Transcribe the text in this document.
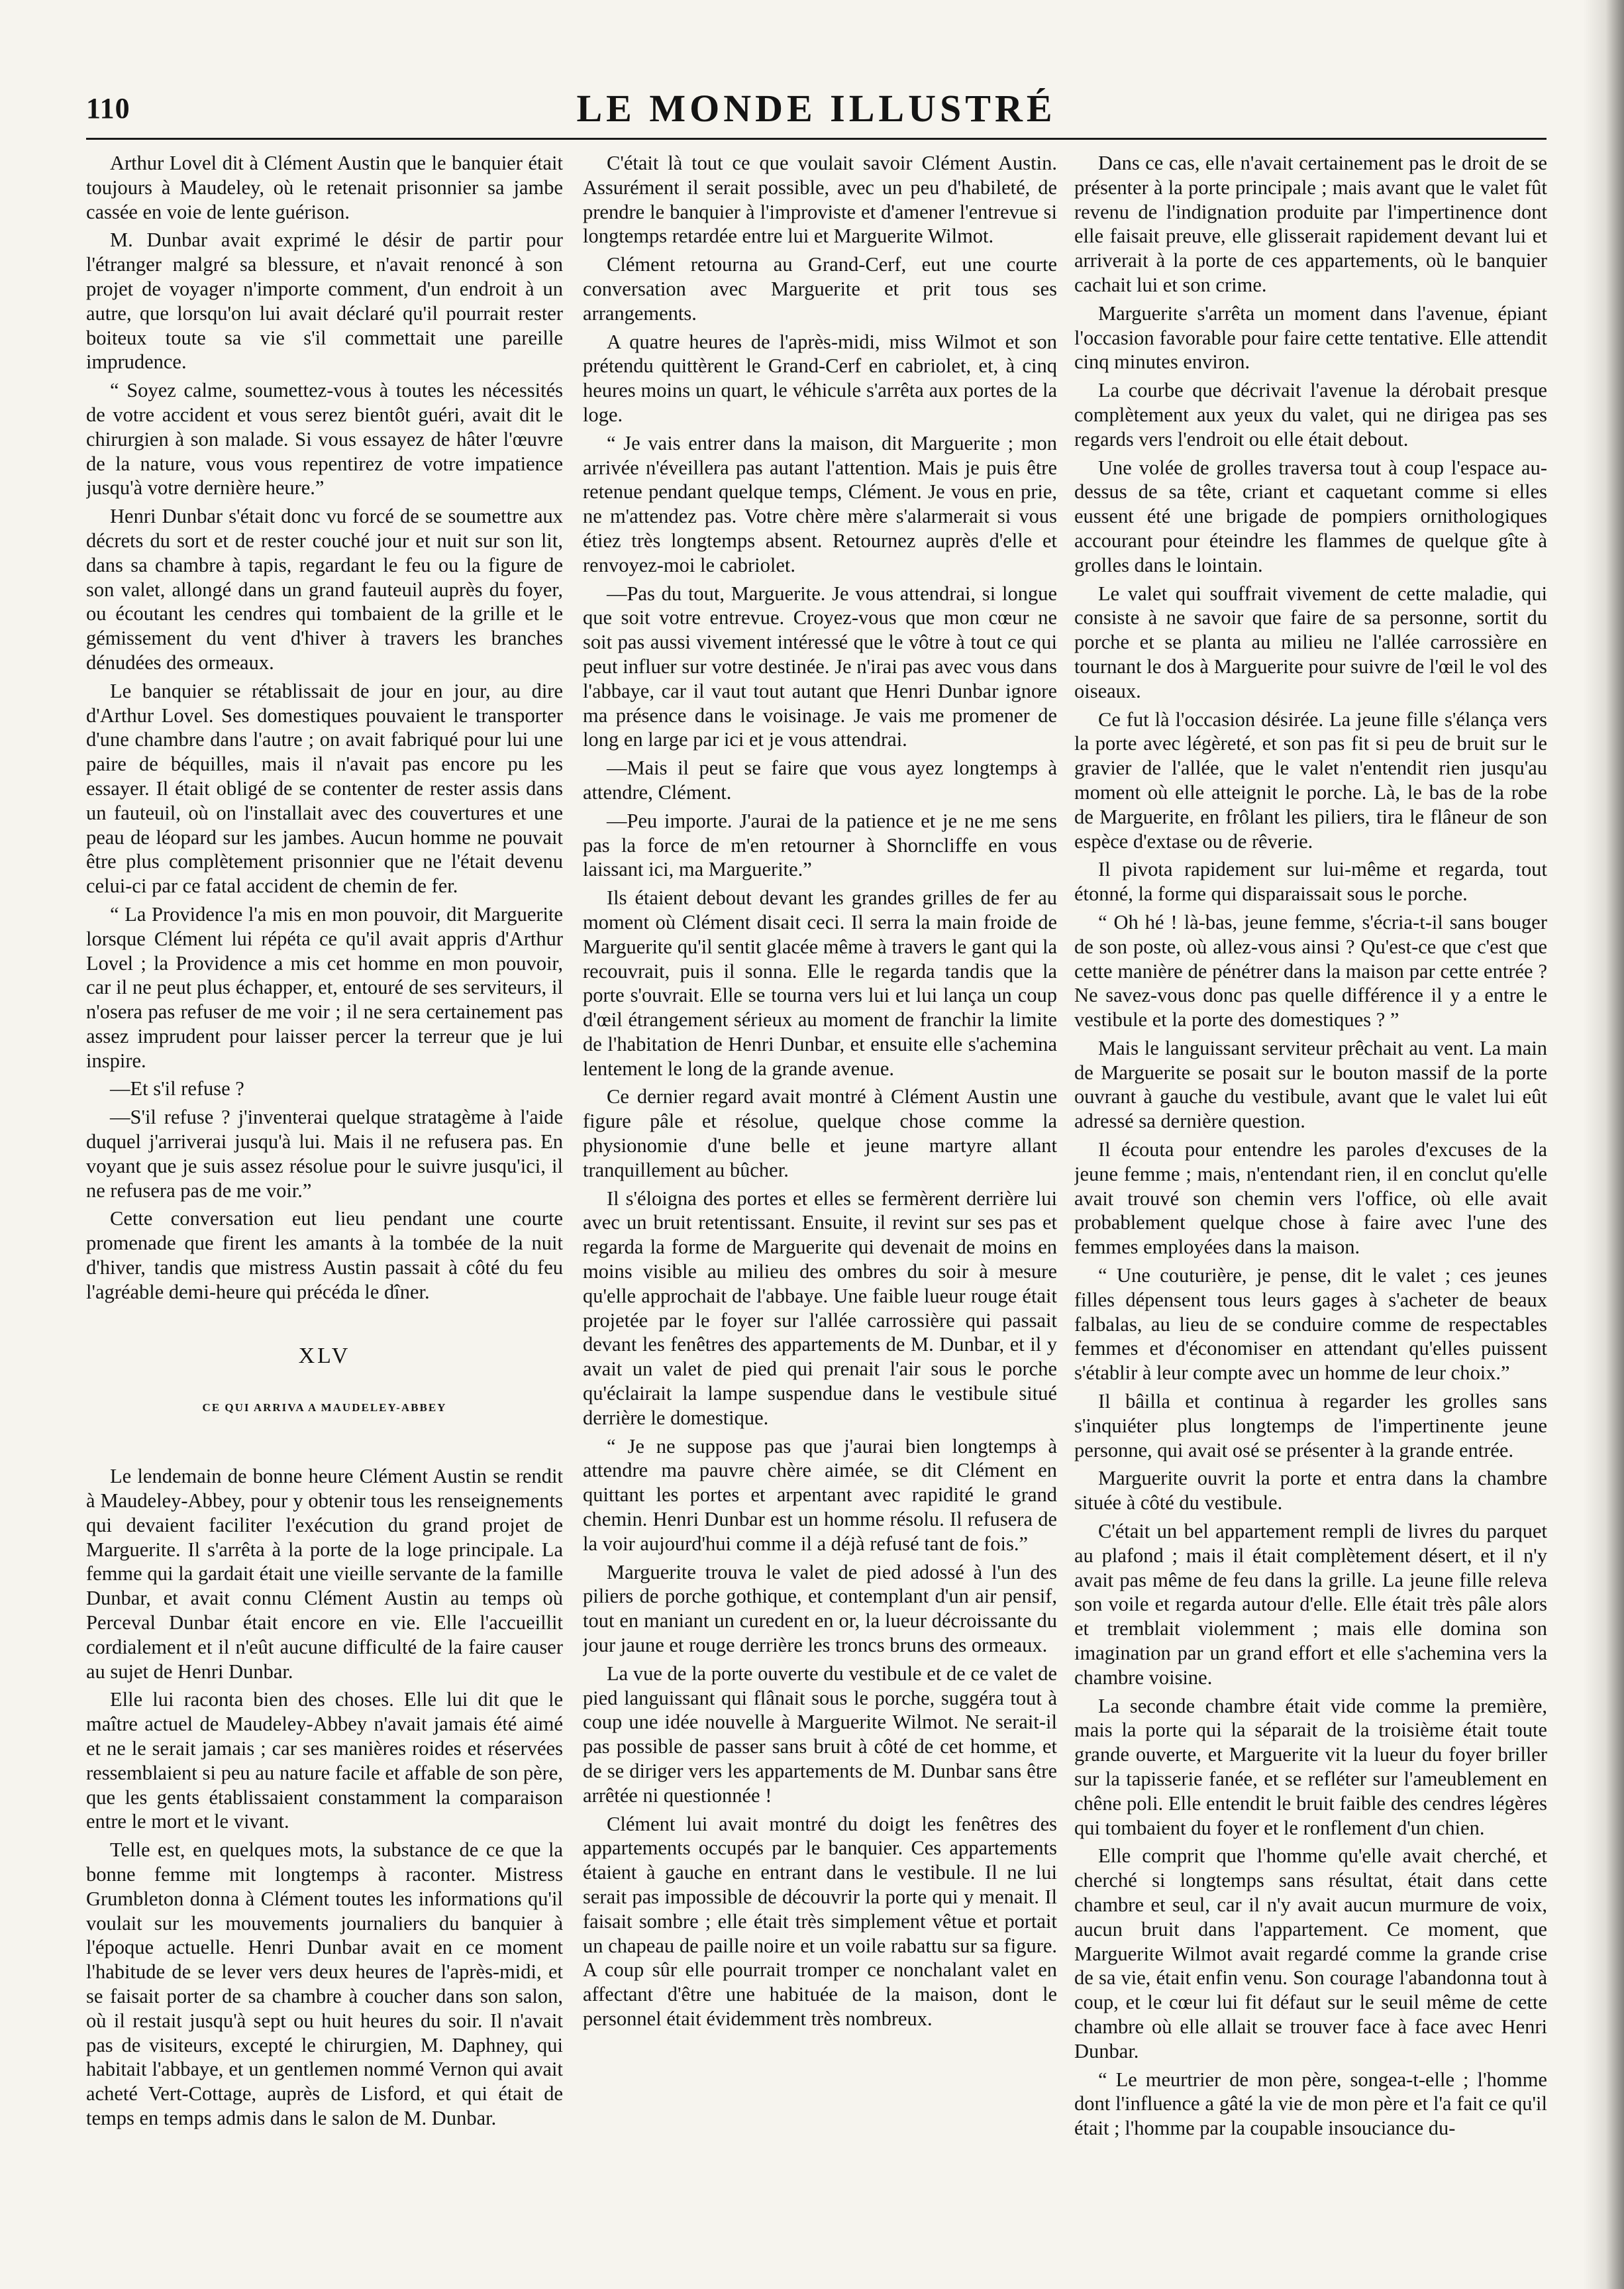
110	LE MONDE ILLUSTRÉ

Arthur Lovel dit à Clément Austin que le banquier était toujours à Maudeley, où le retenait prisonnier sa jambe cassée en voie de lente guérison.

M. Dunbar avait exprimé le désir de partir pour l'étranger malgré sa blessure, et n'avait renoncé à son projet de voyager n'importe comment, d'un endroit à un autre, que lorsqu'on lui avait déclaré qu'il pourrait rester boiteux toute sa vie s'il commettait une pareille imprudence.

“ Soyez calme, soumettez-vous à toutes les nécessités de votre accident et vous serez bientôt guéri, avait dit le chirurgien à son malade. Si vous essayez de hâter l'œuvre de la nature, vous vous repentirez de votre impatience jusqu'à votre dernière heure.”

Henri Dunbar s'était donc vu forcé de se soumettre aux décrets du sort et de rester couché jour et nuit sur son lit, dans sa chambre à tapis, regardant le feu ou la figure de son valet, allongé dans un grand fauteuil auprès du foyer, ou écoutant les cendres qui tombaient de la grille et le gémissement du vent d'hiver à travers les branches dénudées des ormeaux.

Le banquier se rétablissait de jour en jour, au dire d'Arthur Lovel. Ses domestiques pouvaient le transporter d'une chambre dans l'autre ; on avait fabriqué pour lui une paire de béquilles, mais il n'avait pas encore pu les essayer. Il était obligé de se contenter de rester assis dans un fauteuil, où on l'installait avec des couvertures et une peau de léopard sur les jambes. Aucun homme ne pouvait être plus complètement prisonnier que ne l'était devenu celui-ci par ce fatal accident de chemin de fer.

“ La Providence l'a mis en mon pouvoir, dit Marguerite lorsque Clément lui répéta ce qu'il avait appris d'Arthur Lovel ; la Providence a mis cet homme en mon pouvoir, car il ne peut plus échapper, et, entouré de ses serviteurs, il n'osera pas refuser de me voir ; il ne sera certainement pas assez imprudent pour laisser percer la terreur que je lui inspire.

—Et s'il refuse ?

—S'il refuse ? j'inventerai quelque stratagème à l'aide duquel j'arriverai jusqu'à lui. Mais il ne refusera pas. En voyant que je suis assez résolue pour le suivre jusqu'ici, il ne refusera pas de me voir.”

Cette conversation eut lieu pendant une courte promenade que firent les amants à la tombée de la nuit d'hiver, tandis que mistress Austin passait à côté du feu l'agréable demi-heure qui précéda le dîner.

XLV
CE QUI ARRIVA A MAUDELEY-ABBEY

Le lendemain de bonne heure Clément Austin se rendit à Maudeley-Abbey, pour y obtenir tous les renseignements qui devaient faciliter l'exécution du grand projet de Marguerite. Il s'arrêta à la porte de la loge principale. La femme qui la gardait était une vieille servante de la famille Dunbar, et avait connu Clément Austin au temps où Perceval Dunbar était encore en vie. Elle l'accueillit cordialement et il n'eût aucune difficulté de la faire causer au sujet de Henri Dunbar.

Elle lui raconta bien des choses. Elle lui dit que le maître actuel de Maudeley-Abbey n'avait jamais été aimé et ne le serait jamais ; car ses manières roides et réservées ressemblaient si peu au nature facile et affable de son père, que les gents établissaient constamment la comparaison entre le mort et le vivant.

Telle est, en quelques mots, la substance de ce que la bonne femme mit longtemps à raconter. Mistress Grumbleton donna à Clément toutes les informations qu'il voulait sur les mouvements journaliers du banquier à l'époque actuelle. Henri Dunbar avait en ce moment l'habitude de se lever vers deux heures de l'après-midi, et se faisait porter de sa chambre à coucher dans son salon, où il restait jusqu'à sept ou huit heures du soir. Il n'avait pas de visiteurs, excepté le chirurgien, M. Daphney, qui habitait l'abbaye, et un gentlemen nommé Vernon qui avait acheté Vert-Cottage, auprès de Lisford, et qui était de temps en temps admis dans le salon de M. Dunbar.

C'était là tout ce que voulait savoir Clément Austin. Assurément il serait possible, avec un peu d'habileté, de prendre le banquier à l'improviste et d'amener l'entrevue si longtemps retardée entre lui et Marguerite Wilmot.

Clément retourna au Grand-Cerf, eut une courte conversation avec Marguerite et prit tous ses arrangements.

A quatre heures de l'après-midi, miss Wilmot et son prétendu quittèrent le Grand-Cerf en cabriolet, et, à cinq heures moins un quart, le véhicule s'arrêta aux portes de la loge.

“ Je vais entrer dans la maison, dit Marguerite ; mon arrivée n'éveillera pas autant l'attention. Mais je puis être retenue pendant quelque temps, Clément. Je vous en prie, ne m'attendez pas. Votre chère mère s'alarmerait si vous étiez très longtemps absent. Retournez auprès d'elle et renvoyez-moi le cabriolet.

—Pas du tout, Marguerite. Je vous attendrai, si longue que soit votre entrevue. Croyez-vous que mon cœur ne soit pas aussi vivement intéressé que le vôtre à tout ce qui peut influer sur votre destinée. Je n'irai pas avec vous dans l'abbaye, car il vaut tout autant que Henri Dunbar ignore ma présence dans le voisinage. Je vais me promener de long en large par ici et je vous attendrai.

—Mais il peut se faire que vous ayez longtemps à attendre, Clément.

—Peu importe. J'aurai de la patience et je ne me sens pas la force de m'en retourner à Shorncliffe en vous laissant ici, ma Marguerite.”

Ils étaient debout devant les grandes grilles de fer au moment où Clément disait ceci. Il serra la main froide de Marguerite qu'il sentit glacée même à travers le gant qui la recouvrait, puis il sonna. Elle le regarda tandis que la porte s'ouvrait. Elle se tourna vers lui et lui lança un coup d'œil étrangement sérieux au moment de franchir la limite de l'habitation de Henri Dunbar, et ensuite elle s'achemina lentement le long de la grande avenue.

Ce dernier regard avait montré à Clément Austin une figure pâle et résolue, quelque chose comme la physionomie d'une belle et jeune martyre allant tranquillement au bûcher.

Il s'éloigna des portes et elles se fermèrent derrière lui avec un bruit retentissant. Ensuite, il revint sur ses pas et regarda la forme de Marguerite qui devenait de moins en moins visible au milieu des ombres du soir à mesure qu'elle approchait de l'abbaye. Une faible lueur rouge était projetée par le foyer sur l'allée carrossière qui passait devant les fenêtres des appartements de M. Dunbar, et il y avait un valet de pied qui prenait l'air sous le porche qu'éclairait la lampe suspendue dans le vestibule situé derrière le domestique.

“ Je ne suppose pas que j'aurai bien longtemps à attendre ma pauvre chère aimée, se dit Clément en quittant les portes et arpentant avec rapidité le grand chemin. Henri Dunbar est un homme résolu. Il refusera de la voir aujourd'hui comme il a déjà refusé tant de fois.”

Marguerite trouva le valet de pied adossé à l'un des piliers de porche gothique, et contemplant d'un air pensif, tout en maniant un curedent en or, la lueur décroissante du jour jaune et rouge derrière les troncs bruns des ormeaux.

La vue de la porte ouverte du vestibule et de ce valet de pied languissant qui flânait sous le porche, suggéra tout à coup une idée nouvelle à Marguerite Wilmot. Ne serait-il pas possible de passer sans bruit à côté de cet homme, et de se diriger vers les appartements de M. Dunbar sans être arrêtée ni questionnée !

Clément lui avait montré du doigt les fenêtres des appartements occupés par le banquier. Ces appartements étaient à gauche en entrant dans le vestibule. Il ne lui serait pas impossible de découvrir la porte qui y menait. Il faisait sombre ; elle était très simplement vêtue et portait un chapeau de paille noire et un voile rabattu sur sa figure. A coup sûr elle pourrait tromper ce nonchalant valet en affectant d'être une habituée de la maison, dont le personnel était évidemment très nombreux.

Dans ce cas, elle n'avait certainement pas le droit de se présenter à la porte principale ; mais avant que le valet fût revenu de l'indignation produite par l'impertinence dont elle faisait preuve, elle glisserait rapidement devant lui et arriverait à la porte de ces appartements, où le banquier cachait lui et son crime.

Marguerite s'arrêta un moment dans l'avenue, épiant l'occasion favorable pour faire cette tentative. Elle attendit cinq minutes environ.

La courbe que décrivait l'avenue la dérobait presque complètement aux yeux du valet, qui ne dirigea pas ses regards vers l'endroit ou elle était debout.

Une volée de grolles traversa tout à coup l'espace au-dessus de sa tête, criant et caquetant comme si elles eussent été une brigade de pompiers ornithologiques accourant pour éteindre les flammes de quelque gîte à grolles dans le lointain.

Le valet qui souffrait vivement de cette maladie, qui consiste à ne savoir que faire de sa personne, sortit du porche et se planta au milieu ne l'allée carrossière en tournant le dos à Marguerite pour suivre de l'œil le vol des oiseaux.

Ce fut là l'occasion désirée. La jeune fille s'élança vers la porte avec légèreté, et son pas fit si peu de bruit sur le gravier de l'allée, que le valet n'entendit rien jusqu'au moment où elle atteignit le porche. Là, le bas de la robe de Marguerite, en frôlant les piliers, tira le flâneur de son espèce d'extase ou de rêverie.

Il pivota rapidement sur lui-même et regarda, tout étonné, la forme qui disparaissait sous le porche.

“ Oh hé ! là-bas, jeune femme, s'écria-t-il sans bouger de son poste, où allez-vous ainsi ? Qu'est-ce que c'est que cette manière de pénétrer dans la maison par cette entrée ? Ne savez-vous donc pas quelle différence il y a entre le vestibule et la porte des domestiques ? ”

Mais le languissant serviteur prêchait au vent. La main de Marguerite se posait sur le bouton massif de la porte ouvrant à gauche du vestibule, avant que le valet lui eût adressé sa dernière question.

Il écouta pour entendre les paroles d'excuses de la jeune femme ; mais, n'entendant rien, il en conclut qu'elle avait trouvé son chemin vers l'office, où elle avait probablement quelque chose à faire avec l'une des femmes employées dans la maison.

“ Une couturière, je pense, dit le valet ; ces jeunes filles dépensent tous leurs gages à s'acheter de beaux falbalas, au lieu de se conduire comme de respectables femmes et d'économiser en attendant qu'elles puissent s'établir à leur compte avec un homme de leur choix.”

Il bâilla et continua à regarder les grolles sans s'inquiéter plus longtemps de l'impertinente jeune personne, qui avait osé se présenter à la grande entrée.

Marguerite ouvrit la porte et entra dans la chambre située à côté du vestibule.

C'était un bel appartement rempli de livres du parquet au plafond ; mais il était complètement désert, et il n'y avait pas même de feu dans la grille. La jeune fille releva son voile et regarda autour d'elle. Elle était très pâle alors et tremblait violemment ; mais elle domina son imagination par un grand effort et elle s'achemina vers la chambre voisine.

La seconde chambre était vide comme la première, mais la porte qui la séparait de la troisième était toute grande ouverte, et Marguerite vit la lueur du foyer briller sur la tapisserie fanée, et se refléter sur l'ameublement en chêne poli. Elle entendit le bruit faible des cendres légères qui tombaient du foyer et le ronflement d'un chien.

Elle comprit que l'homme qu'elle avait cherché, et cherché si longtemps sans résultat, était dans cette chambre et seul, car il n'y avait aucun murmure de voix, aucun bruit dans l'appartement. Ce moment, que Marguerite Wilmot avait regardé comme la grande crise de sa vie, était enfin venu. Son courage l'abandonna tout à coup, et le cœur lui fit défaut sur le seuil même de cette chambre où elle allait se trouver face à face avec Henri Dunbar.

“ Le meurtrier de mon père, songea-t-elle ; l'homme dont l'influence a gâté la vie de mon père et l'a fait ce qu'il était ; l'homme par la coupable insouciance du-
